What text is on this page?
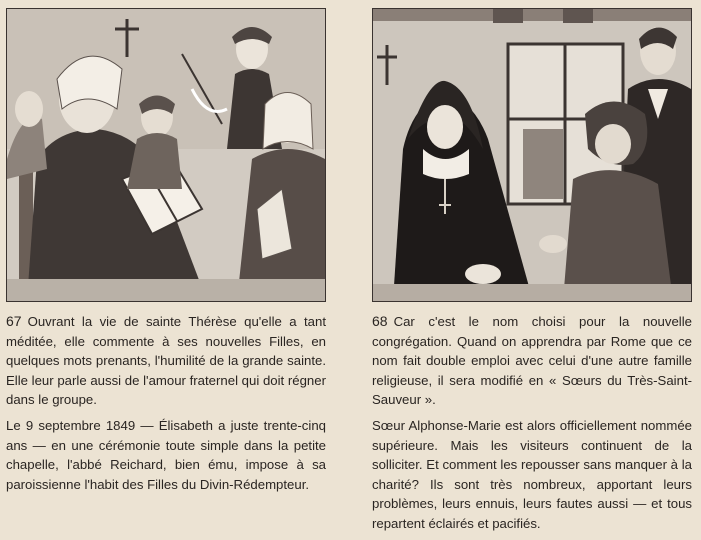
67 Ouvrant la vie de sainte Thérèse qu'elle a tant méditée, elle commente à ses nouvelles Filles, en quelques mots prenants, l'humilité de la grande sainte. Elle leur parle aussi de l'amour fraternel qui doit régner dans le groupe.

Le 9 septembre 1849 — Élisabeth a juste trente-cinq ans — en une cérémonie toute simple dans la petite chapelle, l'abbé Reichard, bien ému, impose à sa paroissienne l'habit des Filles du Divin-Rédempteur.

68 Car c'est le nom choisi pour la nouvelle congrégation. Quand on apprendra par Rome que ce nom fait double emploi avec celui d'une autre famille religieuse, il sera modifié en « Sœurs du Très-Saint-Sauveur ».

Sœur Alphonse-Marie est alors officiellement nommée supérieure. Mais les visiteurs continuent de la solliciter. Et comment les repousser sans manquer à la charité? Ils sont très nombreux, apportant leurs problèmes, leurs ennuis, leurs fautes aussi — et tous repartent éclairés et pacifiés.
